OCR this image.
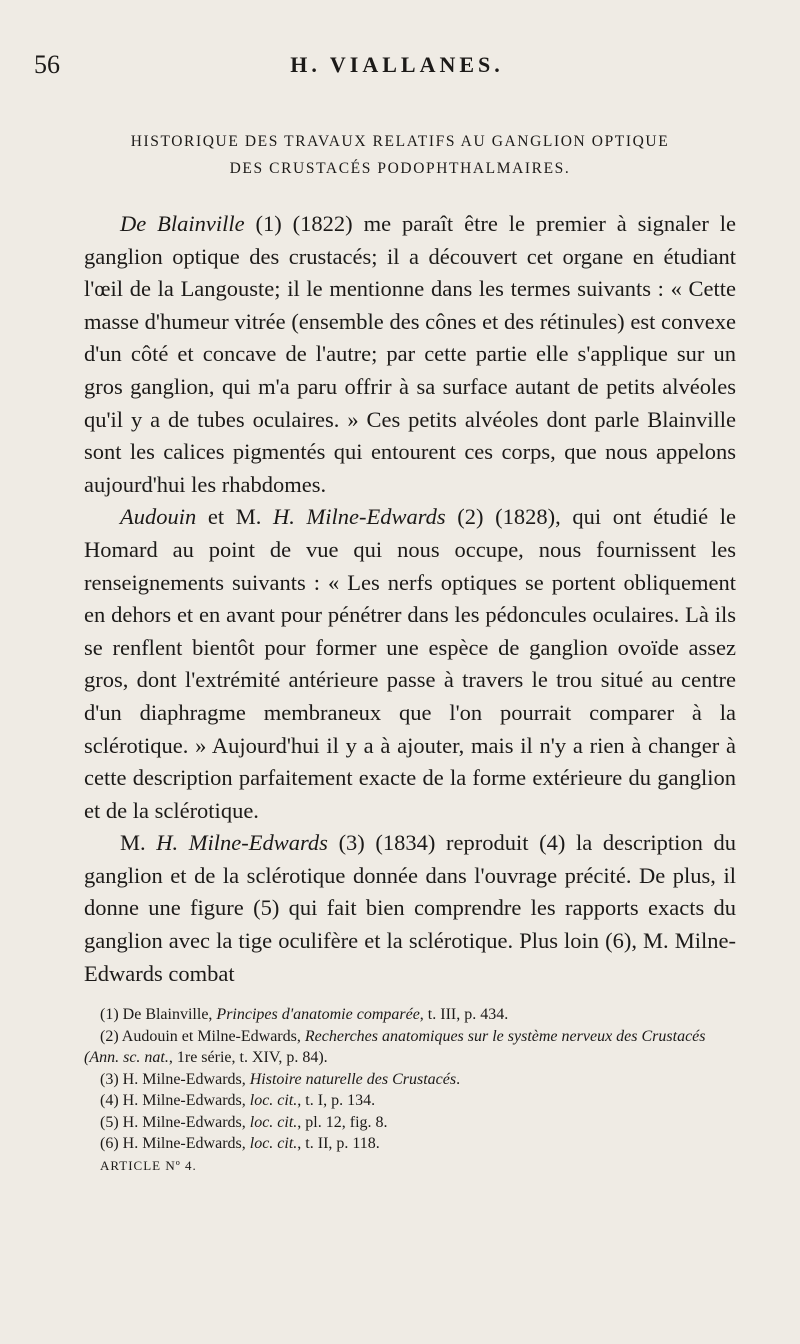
56	H. VIALLANES.
HISTORIQUE DES TRAVAUX RELATIFS AU GANGLION OPTIQUE
DES CRUSTACÉS PODOPHTHALMAIRES.

De Blainville (1) (1822) me paraît être le premier à signaler le ganglion optique des crustacés; il a découvert cet organe en étudiant l'œil de la Langouste; il le mentionne dans les termes suivants : « Cette masse d'humeur vitrée (ensemble des cônes et des rétinules) est convexe d'un côté et concave de l'autre; par cette partie elle s'applique sur un gros ganglion, qui m'a paru offrir à sa surface autant de petits alvéoles qu'il y a de tubes oculaires. » Ces petits alvéoles dont parle Blainville sont les calices pigmentés qui entourent ces corps, que nous appelons aujourd'hui les rhabdomes.

Audouin et M. H. Milne-Edwards (2) (1828), qui ont étudié le Homard au point de vue qui nous occupe, nous fournissent les renseignements suivants : « Les nerfs optiques se portent obliquement en dehors et en avant pour pénétrer dans les pédoncules oculaires. Là ils se renflent bientôt pour former une espèce de ganglion ovoïde assez gros, dont l'extrémité antérieure passe à travers le trou situé au centre d'un diaphragme membraneux que l'on pourrait comparer à la sclérotique. » Aujourd'hui il y a à ajouter, mais il n'y a rien à changer à cette description parfaitement exacte de la forme extérieure du ganglion et de la sclérotique.

M. H. Milne-Edwards (3) (1834) reproduit (4) la description du ganglion et de la sclérotique donnée dans l'ouvrage précité. De plus, il donne une figure (5) qui fait bien comprendre les rapports exacts du ganglion avec la tige oculifère et la sclérotique. Plus loin (6), M. Milne-Edwards combat

(1) De Blainville, Principes d'anatomie comparée, t. III, p. 434.
(2) Audouin et Milne-Edwards, Recherches anatomiques sur le système nerveux des Crustacés (Ann. sc. nat., 1re série, t. XIV, p. 84).
(3) H. Milne-Edwards, Histoire naturelle des Crustacés.
(4) H. Milne-Edwards, loc. cit., t. I, p. 134.
(5) H. Milne-Edwards, loc. cit., pl. 12, fig. 8.
(6) H. Milne-Edwards, loc. cit., t. II, p. 118.
ARTICLE Nº 4.
